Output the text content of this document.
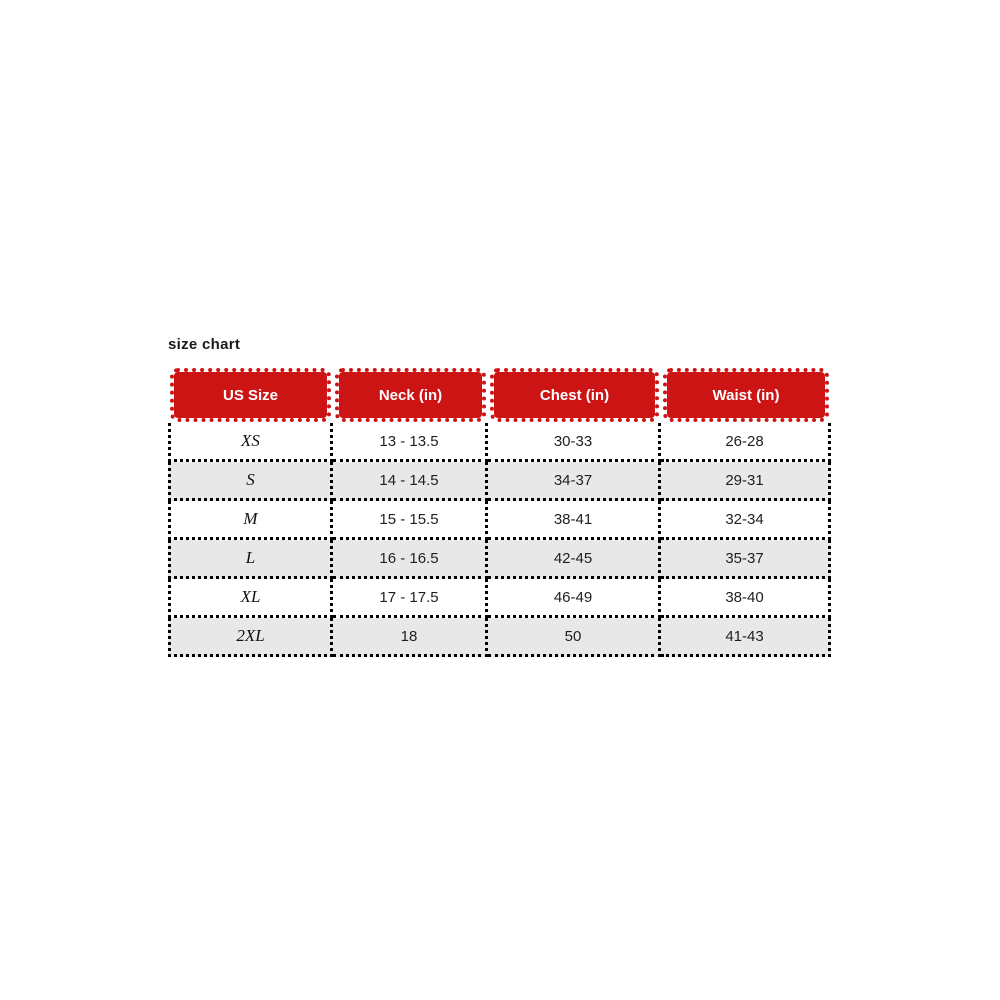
size chart
US Size	Neck (in)	Chest (in)	Waist (in)
XS	13 - 13.5	30-33	26-28
S	14 - 14.5	34-37	29-31
M	15 - 15.5	38-41	32-34
L	16 - 16.5	42-45	35-37
XL	17 - 17.5	46-49	38-40
2XL	18	50	41-43
